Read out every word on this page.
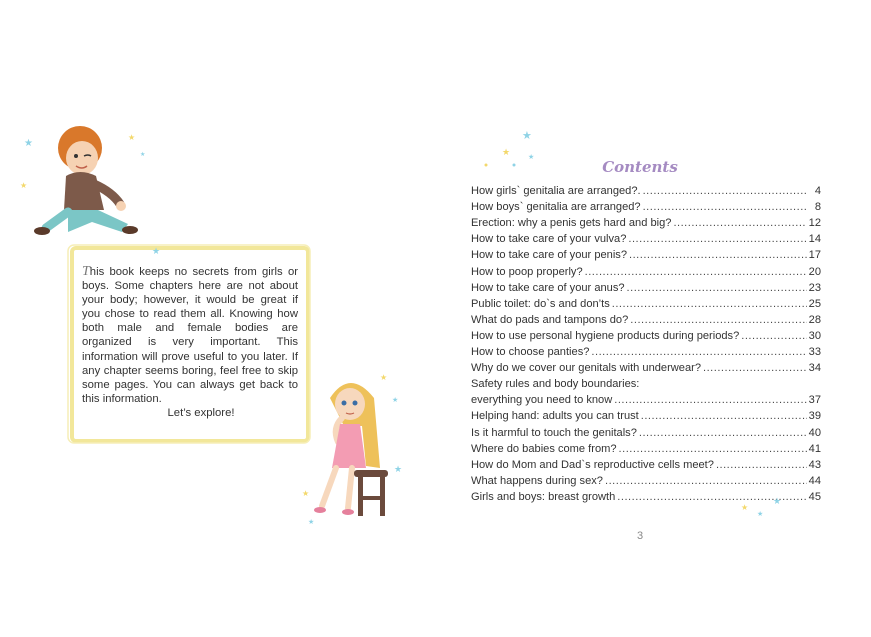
★
★
★
★
★
This book keeps no secrets from girls or boys. Some chapters here are not about your body; however, it would be great if you chose to read them all. Knowing how both male and female bodies are organized is very important. This information will prove useful to you later. If any chapter seems boring, feel free to skip some pages. You can always get back to this information.
Let’s explore!
★
★
★
★
★
★
★
★
Contents
How girls` genitalia are arranged?. .....	4
How boys` genitalia are arranged? .....	8
Erection: why a penis gets hard and big? .....	12
How to take care of your vulva? .....	14
How to take care of your penis? .....	17
How to poop properly? .....	20
How to take care of your anus? .....	23
Public toilet: do`s and don’ts .....	25
What do pads and tampons do? .....	28
How to use personal hygiene products during periods? .....	30
How to choose panties? .....	33
Why do we cover our genitals with underwear? .....	34
Safety rules and body boundaries:
everything you need to know .....	37
Helping hand: adults you can trust .....	39
Is it harmful to touch the genitals? .....	40
Where do babies come from? .....	41
How do Mom and Dad`s reproductive cells meet? .....	43
What happens during sex? .....	44
Girls and boys: breast growth .....	45
★
★
★
3
